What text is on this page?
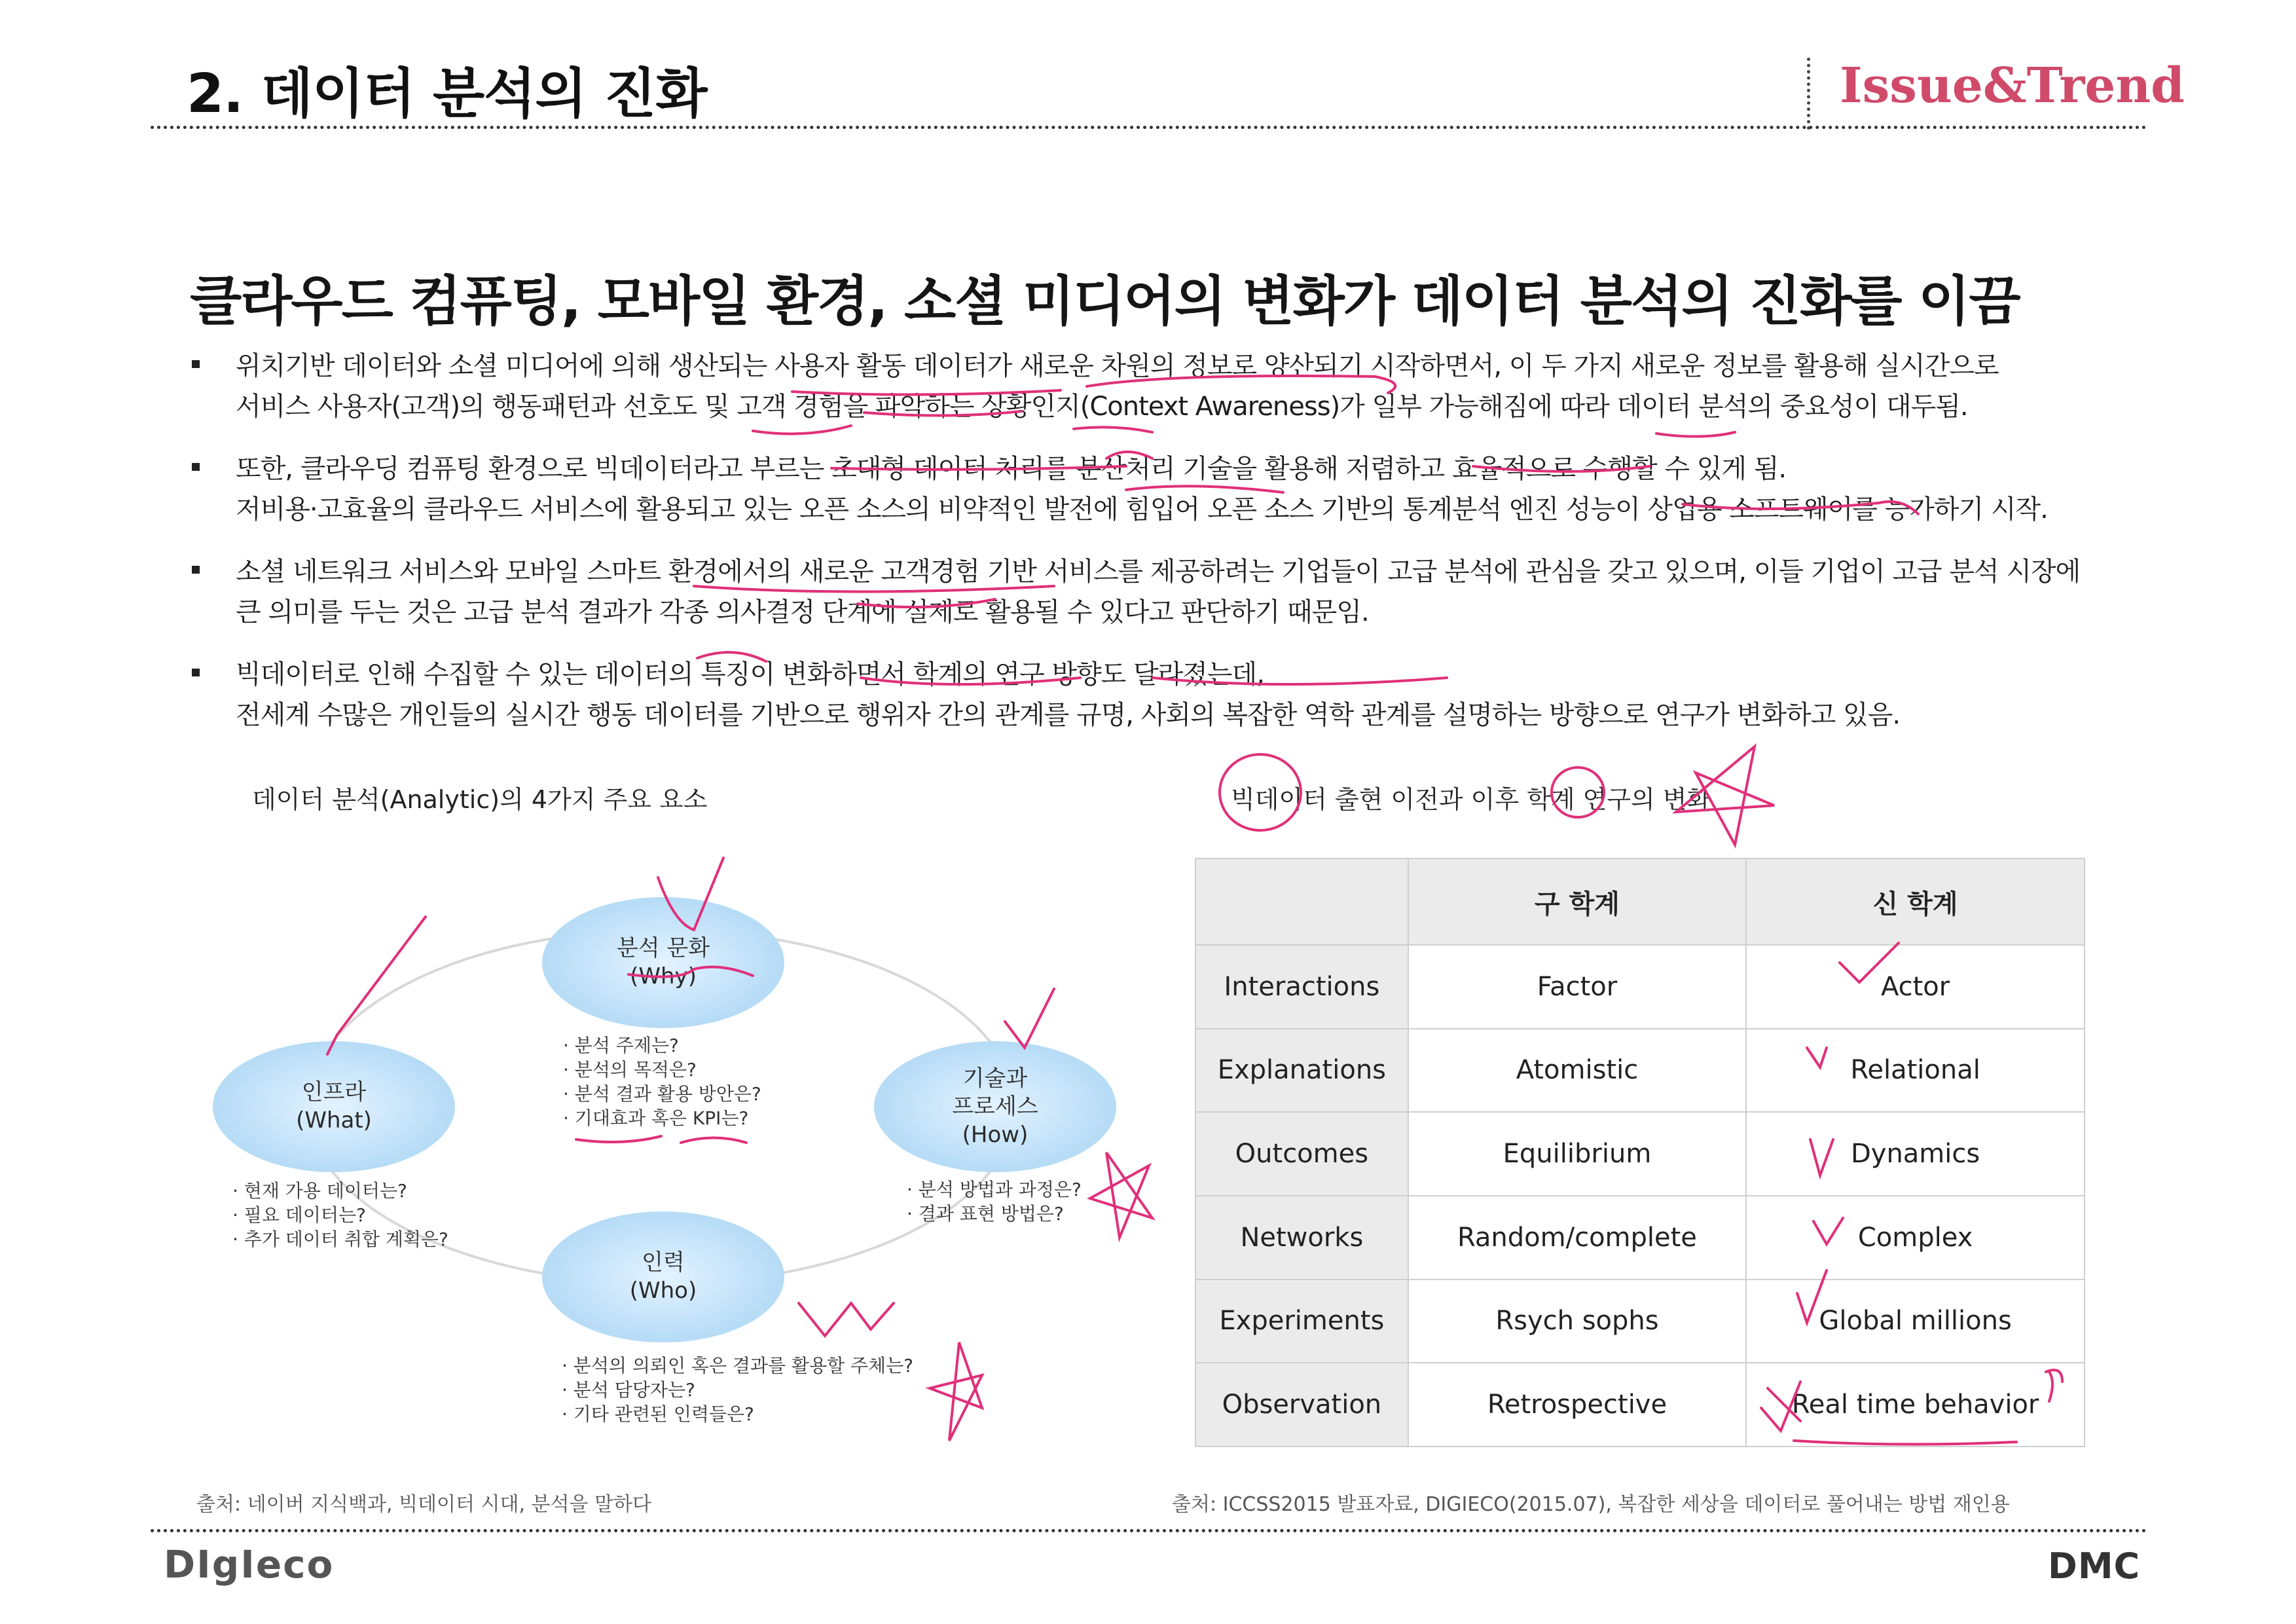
2. 데이터 분석의 진화	Issue&Trend
클라우드 컴퓨팅, 모바일 환경, 소셜 미디어의 변화가 데이터 분석의 진화를 이끔
위치기반 데이터와 소셜 미디어에 의해 생산되는 사용자 활동 데이터가 새로운 차원의 정보로 양산되기 시작하면서, 이 두 가지 새로운 정보를 활용해 실시간으로
서비스 사용자(고객)의 행동패턴과 선호도 및 고객 경험을 파악하는 상황인지(Context Awareness)가 일부 가능해짐에 따라 데이터 분석의 중요성이 대두됨.
또한, 클라우딩 컴퓨팅 환경으로 빅데이터라고 부르는 초대형 데이터 처리를 분산처리 기술을 활용해 저렴하고 효율적으로 수행할 수 있게 됨.
저비용·고효율의 클라우드 서비스에 활용되고 있는 오픈 소스의 비약적인 발전에 힘입어 오픈 소스 기반의 통계분석 엔진 성능이 상업용 소프트웨어를 능가하기 시작.
소셜 네트워크 서비스와 모바일 스마트 환경에서의 새로운 고객경험 기반 서비스를 제공하려는 기업들이 고급 분석에 관심을 갖고 있으며, 이들 기업이 고급 분석 시장에
큰 의미를 두는 것은 고급 분석 결과가 각종 의사결정 단계에 실제로 활용될 수 있다고 판단하기 때문임.
빅데이터로 인해 수집할 수 있는 데이터의 특징이 변화하면서 학계의 연구 방향도 달라졌는데,
전세계 수많은 개인들의 실시간 행동 데이터를 기반으로 행위자 간의 관계를 규명, 사회의 복잡한 역학 관계를 설명하는 방향으로 연구가 변화하고 있음.
데이터 분석(Analytic)의 4가지 주요 요소
분석 문화
(Why)
인프라
(What)
기술과
프로세스
(How)
인력
(Who)
· 분석 주제는?
· 분석의 목적은?
· 분석 결과 활용 방안은?
· 기대효과 혹은 KPI는?
· 현재 가용 데이터는?
· 필요 데이터는?
· 추가 데이터 취합 계획은?
· 분석 방법과 과정은?
· 결과 표현 방법은?
· 분석의 의뢰인 혹은 결과를 활용할 주체는?
· 분석 담당자는?
· 기타 관련된 인력들은?
출처: 네이버 지식백과, 빅데이터 시대, 분석을 말하다
빅데이터 출현 이전과 이후 학계 연구의 변화
	구 학계	신 학계
Interactions	Factor	Actor
Explanations	Atomistic	Relational
Outcomes	Equilibrium	Dynamics
Networks	Random/complete	Complex
Experiments	Rsych sophs	Global millions
Observation	Retrospective	Real time behavior
출처: ICCSS2015 발표자료, DIGIECO(2015.07), 복잡한 세상을 데이터로 풀어내는 방법 재인용
DIgIeco	DMC
